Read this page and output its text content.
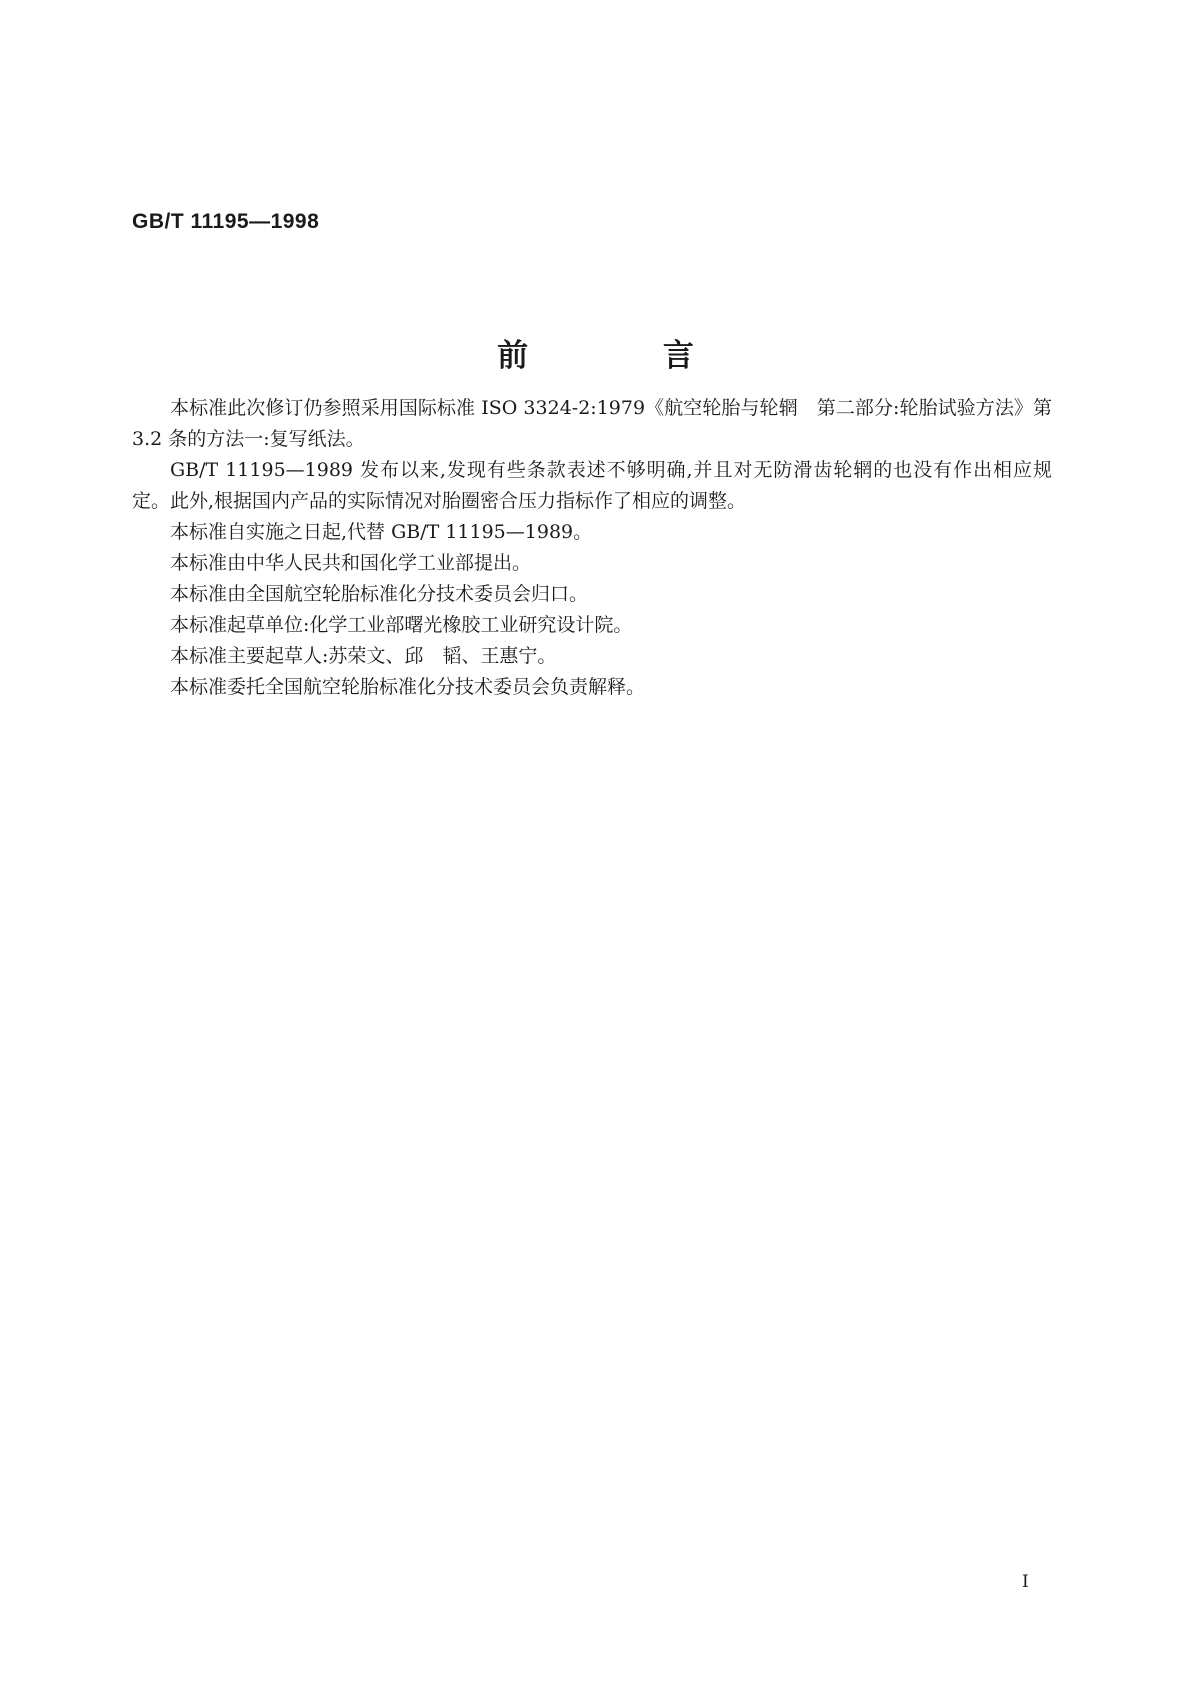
GB/T 11195—1998
前 言

本标准此次修订仍参照采用国际标准 ISO 3324-2:1979《航空轮胎与轮辋　第二部分:轮胎试验方法》第 3.2 条的方法一:复写纸法。

GB/T 11195—1989 发布以来,发现有些条款表述不够明确,并且对无防滑齿轮辋的也没有作出相应规定。此外,根据国内产品的实际情况对胎圈密合压力指标作了相应的调整。

本标准自实施之日起,代替 GB/T 11195—1989。

本标准由中华人民共和国化学工业部提出。

本标准由全国航空轮胎标准化分技术委员会归口。

本标准起草单位:化学工业部曙光橡胶工业研究设计院。

本标准主要起草人:苏荣文、邱　韬、王惠宁。

本标准委托全国航空轮胎标准化分技术委员会负责解释。

I
